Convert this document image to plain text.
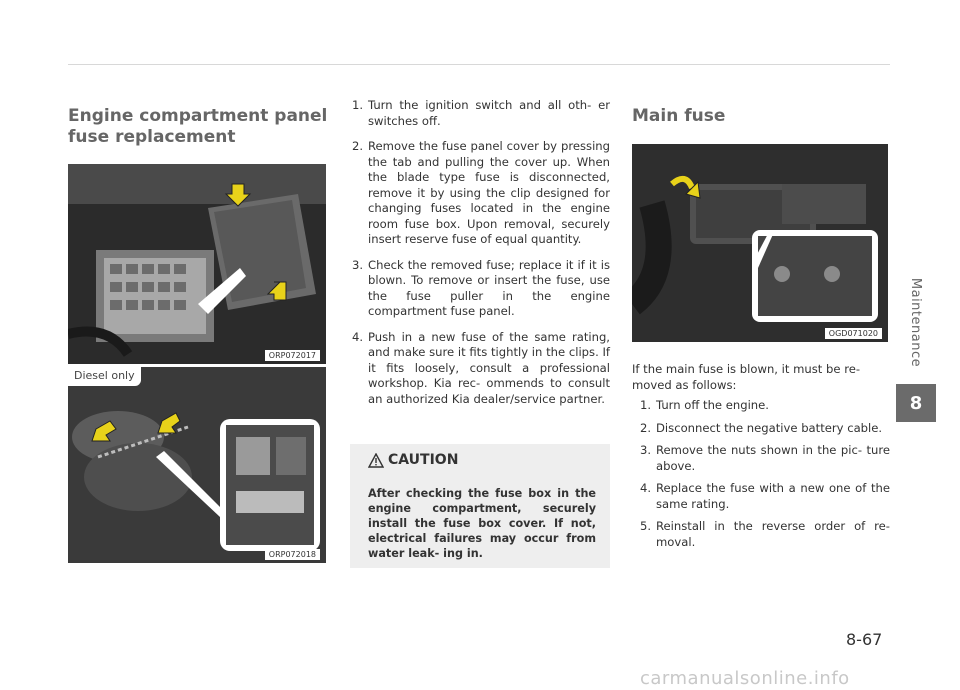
Engine compartment panel fuse replacement
ORP072017
Diesel only
ORP072018
1. Turn the ignition switch and all oth- er switches off.
2. Remove the fuse panel cover by pressing the tab and pulling the cover up. When the blade type fuse is disconnected, remove it by using the clip designed for changing fuses located in the engine room fuse box. Upon removal, securely insert reserve fuse of equal quantity.
3. Check the removed fuse; replace it if it is blown. To remove or insert the fuse, use the fuse puller in the engine compartment fuse panel.
4. Push in a new fuse of the same rating, and make sure it fits tightly in the clips. If it fits loosely, consult a professional workshop. Kia rec- ommends to consult an authorized Kia dealer/service partner.
CAUTION
After checking the fuse box in the engine compartment, securely install the fuse box cover. If not, electrical failures may occur from water leak- ing in.
Main fuse
OGD071020
If the main fuse is blown, it must be re- moved as follows:
1. Turn off the engine.
2. Disconnect the negative battery cable.
3. Remove the nuts shown in the pic- ture above.
4. Replace the fuse with a new one of the same rating.
5. Reinstall in the reverse order of re- moval.
Maintenance
8
8-67
carmanualsonline.info
